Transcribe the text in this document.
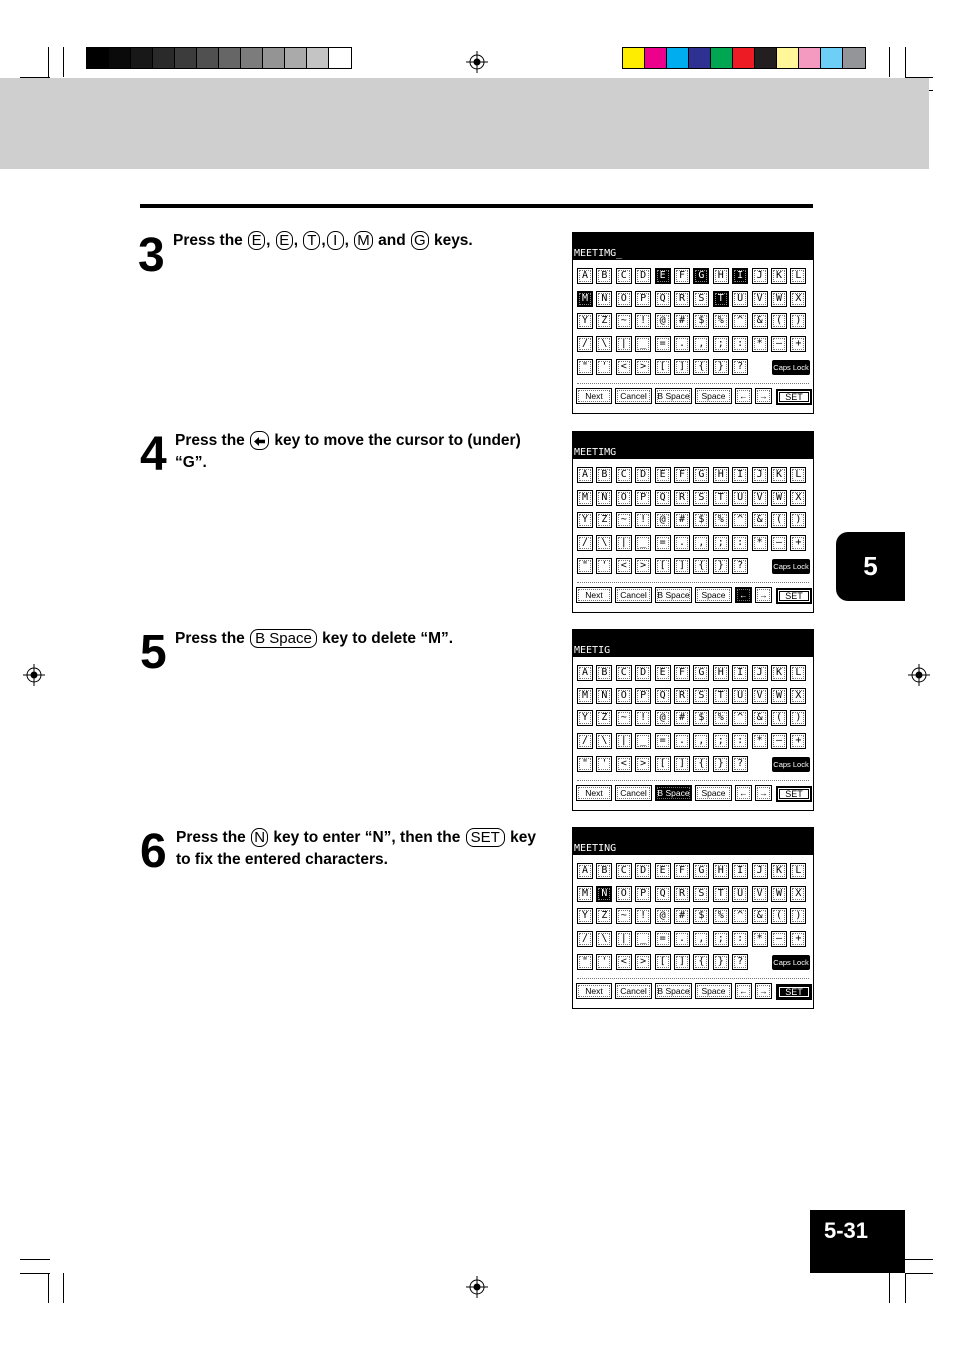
3 Press the E , E , T , I , M and G keys.
MEETIMG_
A	B	C	D	E	F	G	H	I	J	K	L
M	N	O	P	Q	R	S	T	U	V	W	X
Y	Z	~	!	@	#	$	%	^	&	(	)
/	\	|	_	=	.	,	;	:	*	—	+
"	'	<	>	[	]	{	}	?	Caps Lock
Next	Cancel	B Space	Space	←	→	SET
4 Press the  key to move the cursor to (under)
“G”.
MEETIMG
A	B	C	D	E	F	G	H	I	J	K	L
M	N	O	P	Q	R	S	T	U	V	W	X
Y	Z	~	!	@	#	$	%	^	&	(	)
/	\	|	_	=	.	,	;	:	*	—	+
"	'	<	>	[	]	{	}	?	Caps Lock
Next	Cancel	B Space	Space	←	→	SET
5 Press the B Space key to delete “M”.
MEETIG
A	B	C	D	E	F	G	H	I	J	K	L
M	N	O	P	Q	R	S	T	U	V	W	X
Y	Z	~	!	@	#	$	%	^	&	(	)
/	\	|	_	=	.	,	;	:	*	—	+
"	'	<	>	[	]	{	}	?	Caps Lock
Next	Cancel	B Space	Space	←	→	SET
6 Press the N key to enter “N”, then the SET key
to fix the entered characters.
MEETING
A	B	C	D	E	F	G	H	I	J	K	L
M	N	O	P	Q	R	S	T	U	V	W	X
Y	Z	~	!	@	#	$	%	^	&	(	)
/	\	|	_	=	.	,	;	:	*	—	+
"	'	<	>	[	]	{	}	?	Caps Lock
Next	Cancel	B Space	Space	←	→	SET
5
5-31
